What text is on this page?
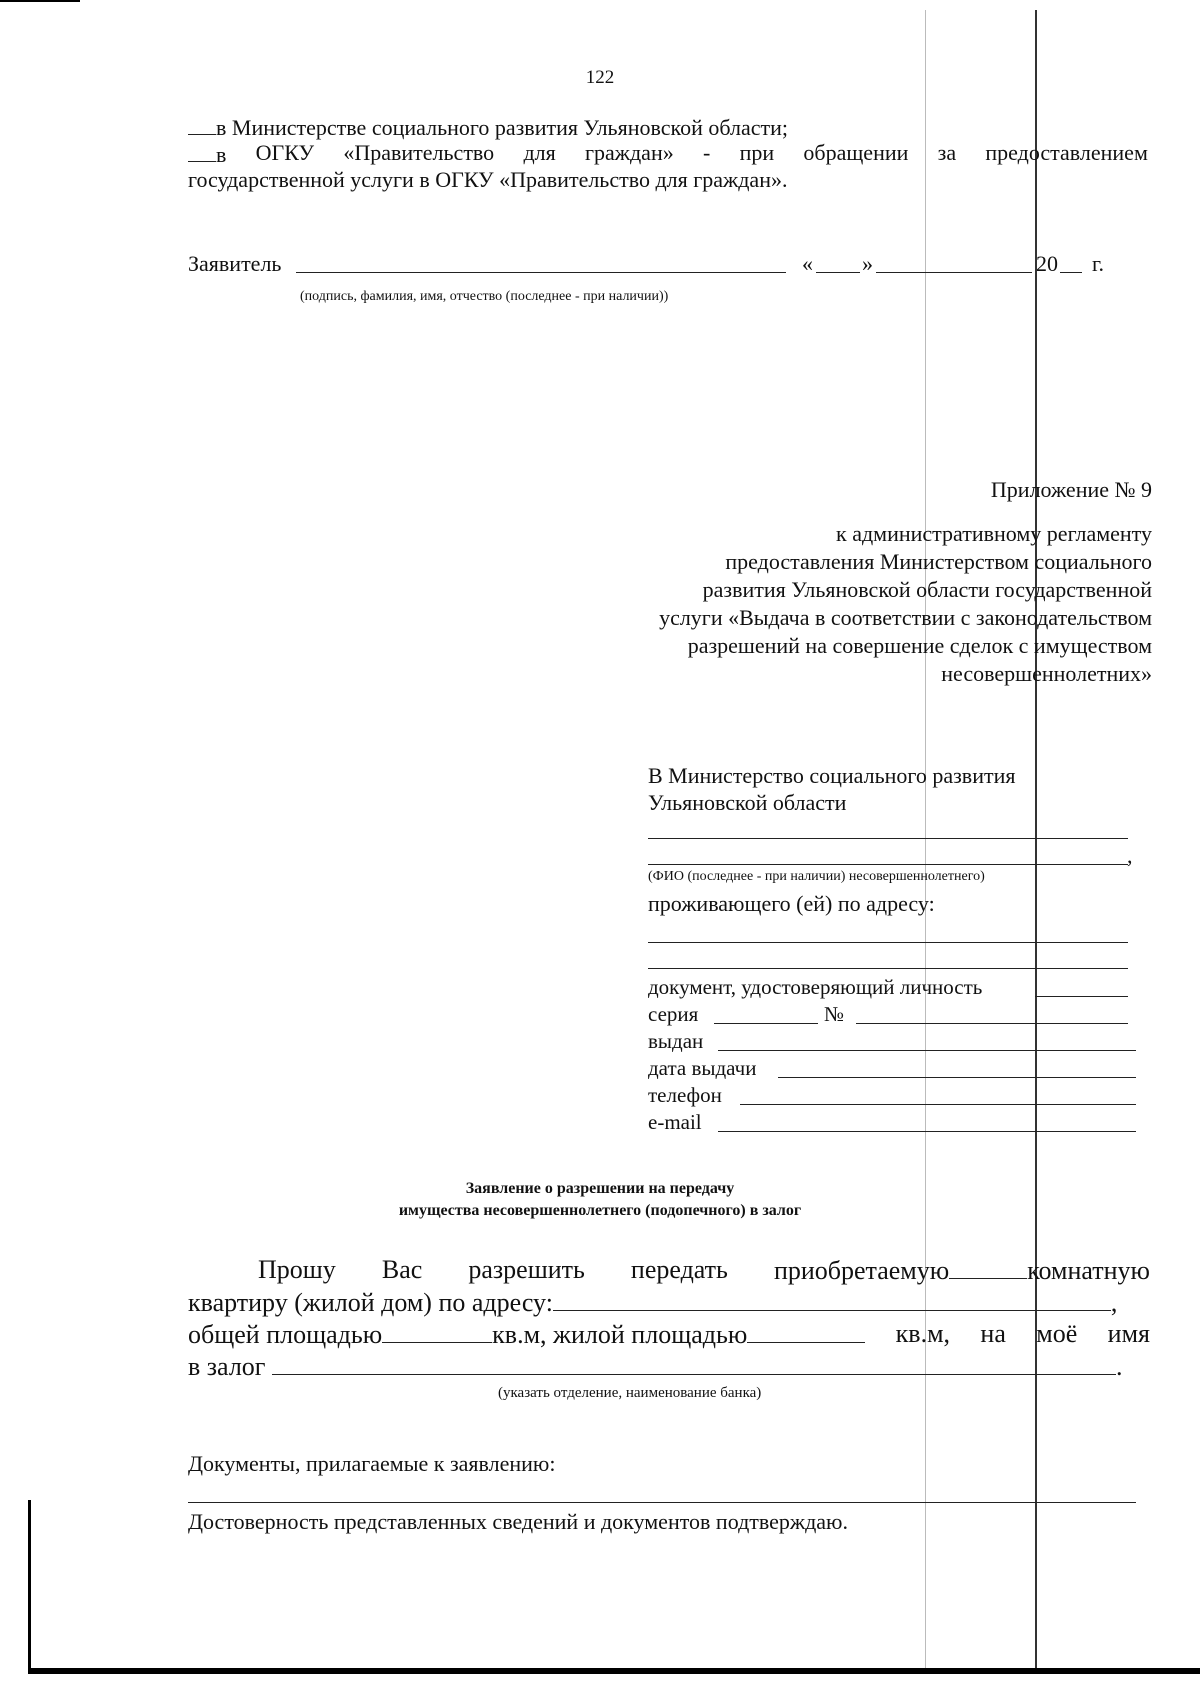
122
в Министерстве социального развития Ульяновской области;
в ОГКУ «Правительство для граждан» - при обращении за предоставлением
государственной услуги в ОГКУ «Правительство для граждан».
Заявитель	« »	20 г.
(подпись, фамилия, имя, отчество (последнее - при наличии))
Приложение № 9
к административному регламенту
предоставления Министерством социального
развития Ульяновской области государственной
услуги «Выдача в соответствии с законодательством
разрешений на совершение сделок с имуществом
несовершеннолетних»
В Министерство социального развития
Ульяновской области
,
(ФИО (последнее - при наличии) несовершеннолетнего)
проживающего (ей) по адресу:
документ, удостоверяющий личность
серия	№
выдан
дата выдачи
телефон
e-mail
Заявление о разрешении на передачу
имущества несовершеннолетнего (подопечного) в залог
Прошу Вас разрешить передать приобретаемую	комнатную
квартиру (жилой дом) по адресу:	,
общей площадью	кв.м, жилой площадью	кв.м, на моё имя
в залог	.
(указать отделение, наименование банка)
Документы, прилагаемые к заявлению:
Достоверность представленных сведений и документов подтверждаю.
